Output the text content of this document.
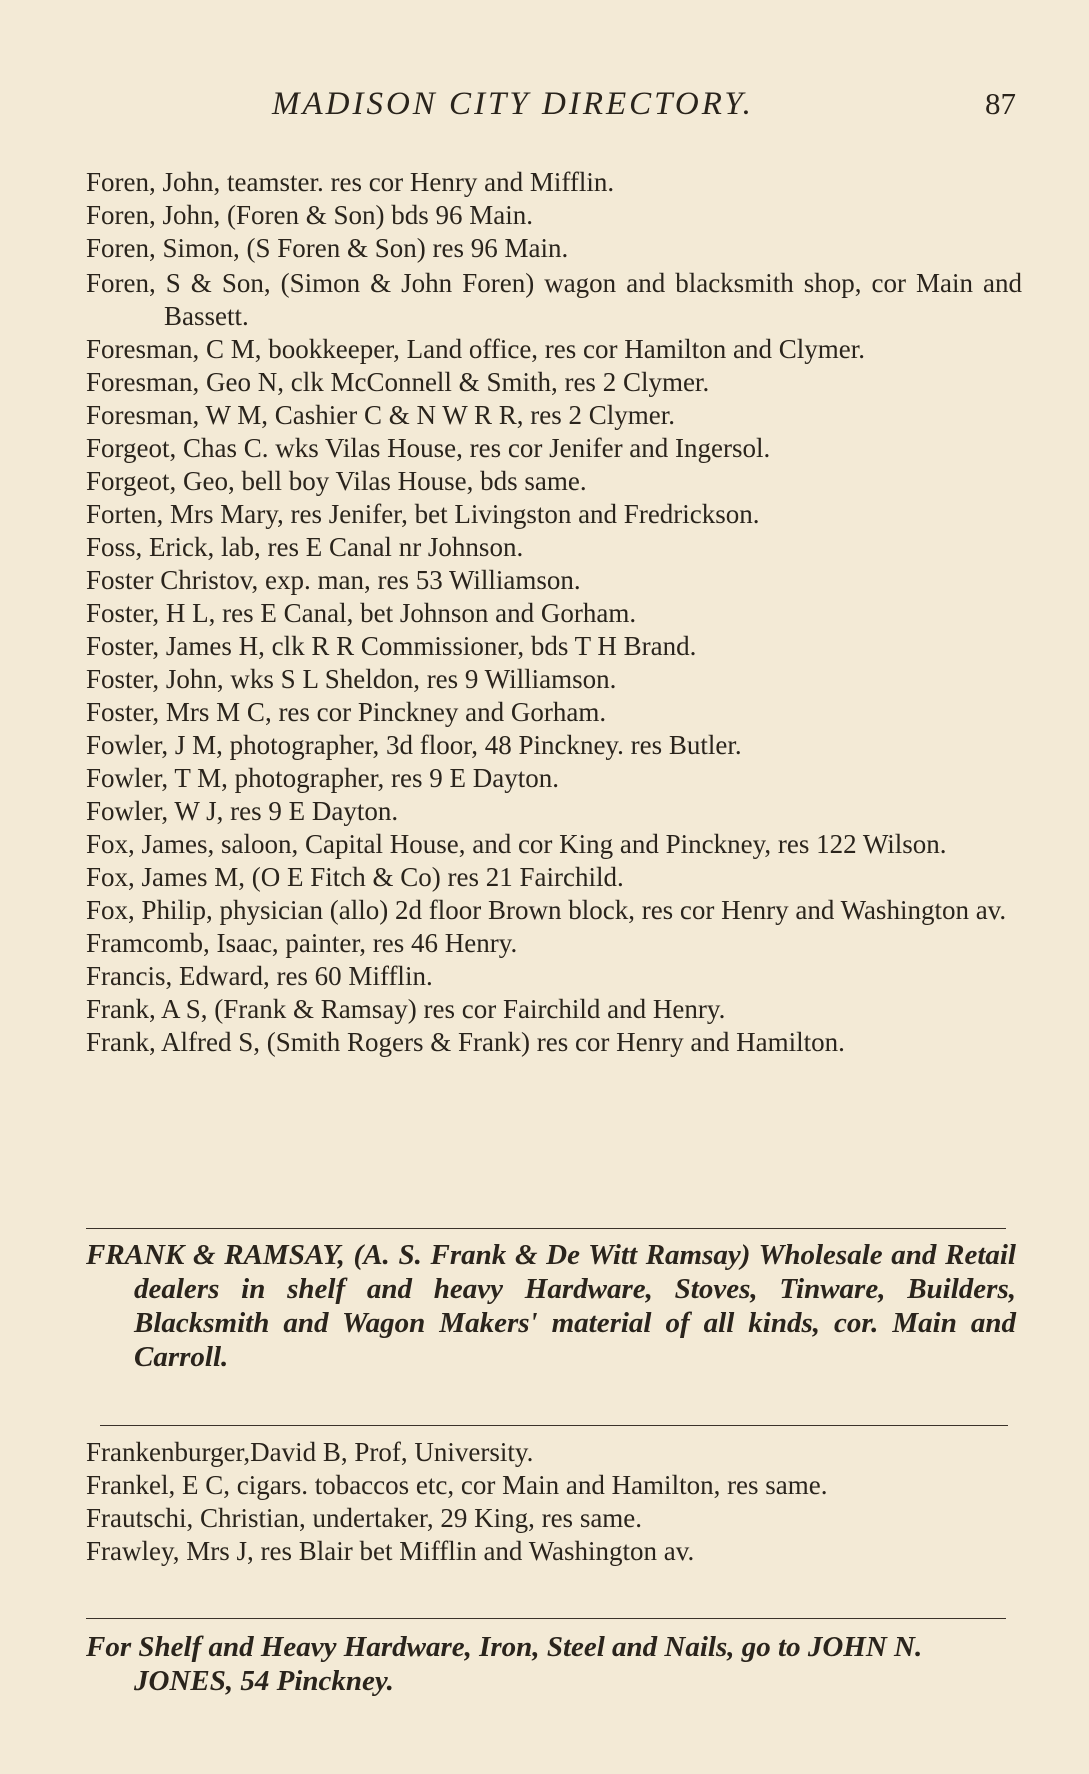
MADISON CITY DIRECTORY.	87

Foren, John, teamster. res cor Henry and Mifflin.

Foren, John, (Foren & Son) bds 96 Main.

Foren, Simon, (S Foren & Son) res 96 Main.

Foren, S & Son, (Simon & John Foren) wagon and blacksmith shop, cor Main and Bassett.

Foresman, C M, bookkeeper, Land office, res cor Hamilton and Clymer.

Foresman, Geo N, clk McConnell & Smith, res 2 Clymer.

Foresman, W M, Cashier C & N W R R, res 2 Clymer.

Forgeot, Chas C. wks Vilas House, res cor Jenifer and Ingersol.

Forgeot, Geo, bell boy Vilas House, bds same.

Forten, Mrs Mary, res Jenifer, bet Livingston and Fredrickson.

Foss, Erick, lab, res E Canal nr Johnson.

Foster Christov, exp. man, res 53 Williamson.

Foster, H L, res E Canal, bet Johnson and Gorham.

Foster, James H, clk R R Commissioner, bds T H Brand.

Foster, John, wks S L Sheldon, res 9 Williamson.

Foster, Mrs M C, res cor Pinckney and Gorham.

Fowler, J M, photographer, 3d floor, 48 Pinckney. res Butler.

Fowler, T M, photographer, res 9 E Dayton.

Fowler, W J, res 9 E Dayton.

Fox, James, saloon, Capital House, and cor King and Pinckney, res 122 Wilson.

Fox, James M, (O E Fitch & Co) res 21 Fairchild.

Fox, Philip, physician (allo) 2d floor Brown block, res cor Henry and Washington av.

Framcomb, Isaac, painter, res 46 Henry.

Francis, Edward, res 60 Mifflin.

Frank, A S, (Frank & Ramsay) res cor Fairchild and Henry.

Frank, Alfred S, (Smith Rogers & Frank) res cor Henry and Hamilton.

FRANK & RAMSAY, (A. S. Frank & De Witt Ramsay) Wholesale and Retail dealers in shelf and heavy Hardware, Stoves, Tinware, Builders, Blacksmith and Wagon Makers' material of all kinds, cor. Main and Carroll.

Frankenburger,David B, Prof, University.

Frankel, E C, cigars. tobaccos etc, cor Main and Hamilton, res same.

Frautschi, Christian, undertaker, 29 King, res same.

Frawley, Mrs J, res Blair bet Mifflin and Washington av.

For Shelf and Heavy Hardware, Iron, Steel and Nails, go to JOHN N. JONES, 54 Pinckney.
